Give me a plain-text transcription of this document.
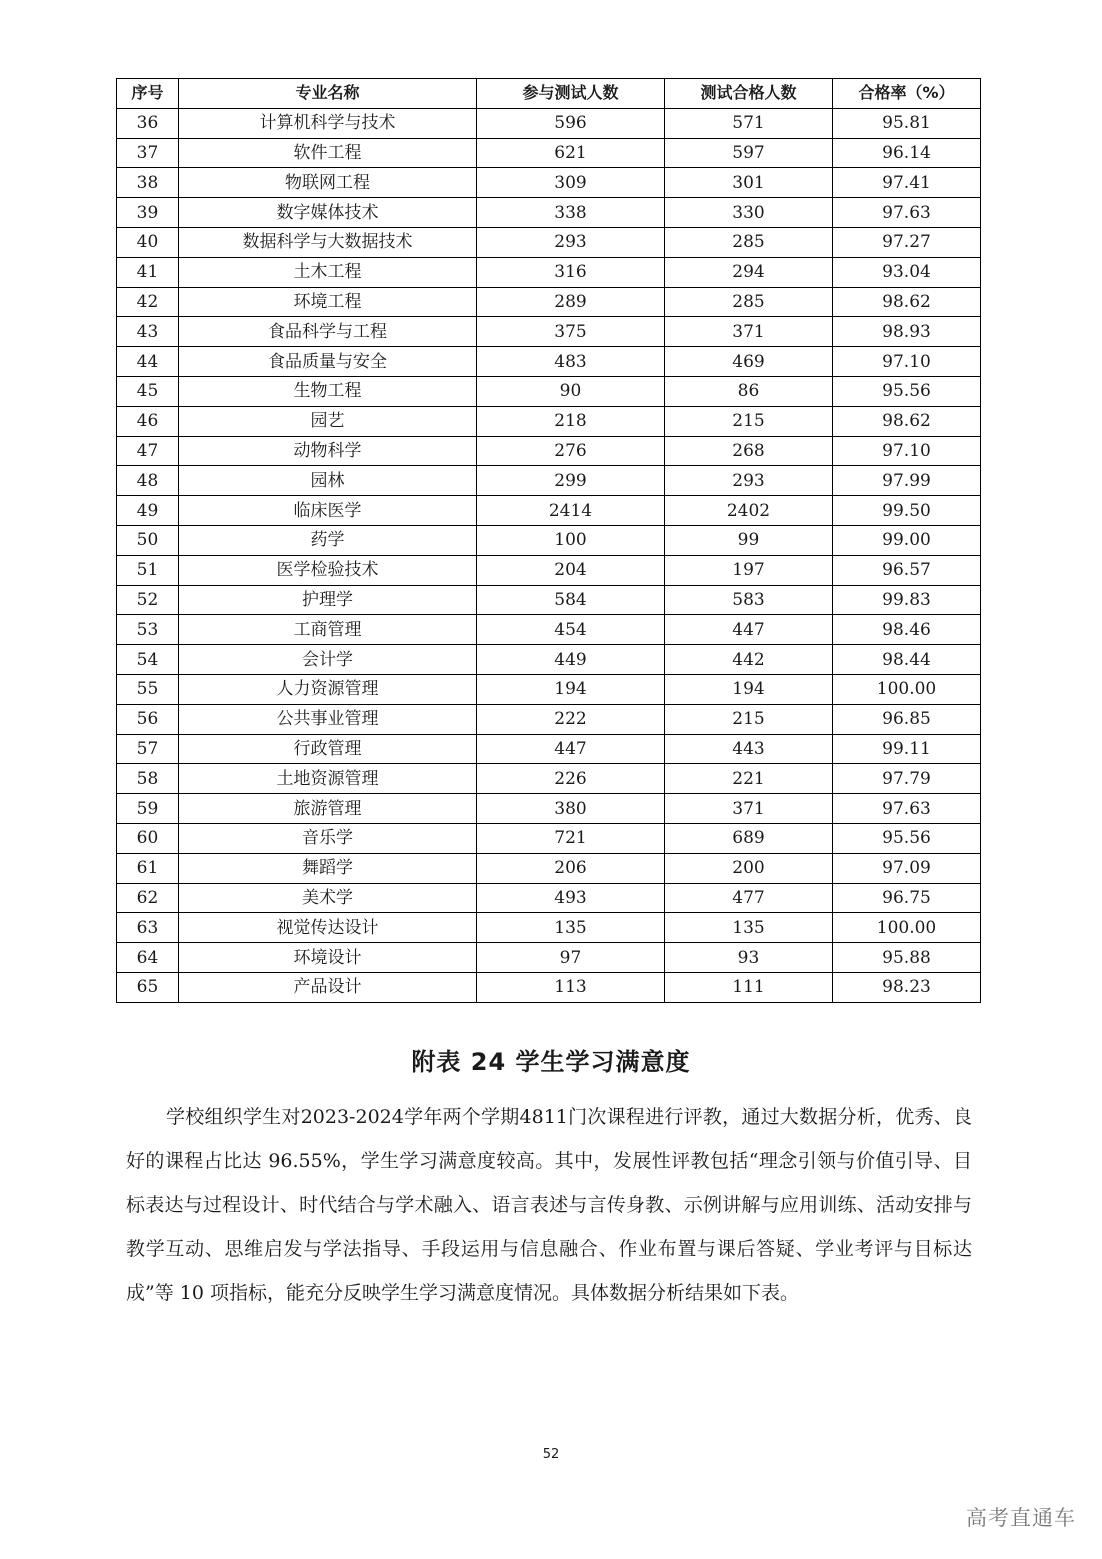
序号	专业名称	参与测试人数	测试合格人数	合格率（%）
36	计算机科学与技术	596	571	95.81
37	软件工程	621	597	96.14
38	物联网工程	309	301	97.41
39	数字媒体技术	338	330	97.63
40	数据科学与大数据技术	293	285	97.27
41	土木工程	316	294	93.04
42	环境工程	289	285	98.62
43	食品科学与工程	375	371	98.93
44	食品质量与安全	483	469	97.10
45	生物工程	90	86	95.56
46	园艺	218	215	98.62
47	动物科学	276	268	97.10
48	园林	299	293	97.99
49	临床医学	2414	2402	99.50
50	药学	100	99	99.00
51	医学检验技术	204	197	96.57
52	护理学	584	583	99.83
53	工商管理	454	447	98.46
54	会计学	449	442	98.44
55	人力资源管理	194	194	100.00
56	公共事业管理	222	215	96.85
57	行政管理	447	443	99.11
58	土地资源管理	226	221	97.79
59	旅游管理	380	371	97.63
60	音乐学	721	689	95.56
61	舞蹈学	206	200	97.09
62	美术学	493	477	96.75
63	视觉传达设计	135	135	100.00
64	环境设计	97	93	95.88
65	产品设计	113	111	98.23
附表 24 学生学习满意度

学校组织学生对2023-2024学年两个学期4811门次课程进行评教，通过大数据分析，优秀、良好的课程占比达 96.55%，学生学习满意度较高。其中，发展性评教包括“理念引领与价值引导、目标表达与过程设计、时代结合与学术融入、语言表述与言传身教、示例讲解与应用训练、活动安排与教学互动、思维启发与学法指导、手段运用与信息融合、作业布置与课后答疑、学业考评与目标达成”等 10 项指标，能充分反映学生学习满意度情况。具体数据分析结果如下表。

52
高考直通车
